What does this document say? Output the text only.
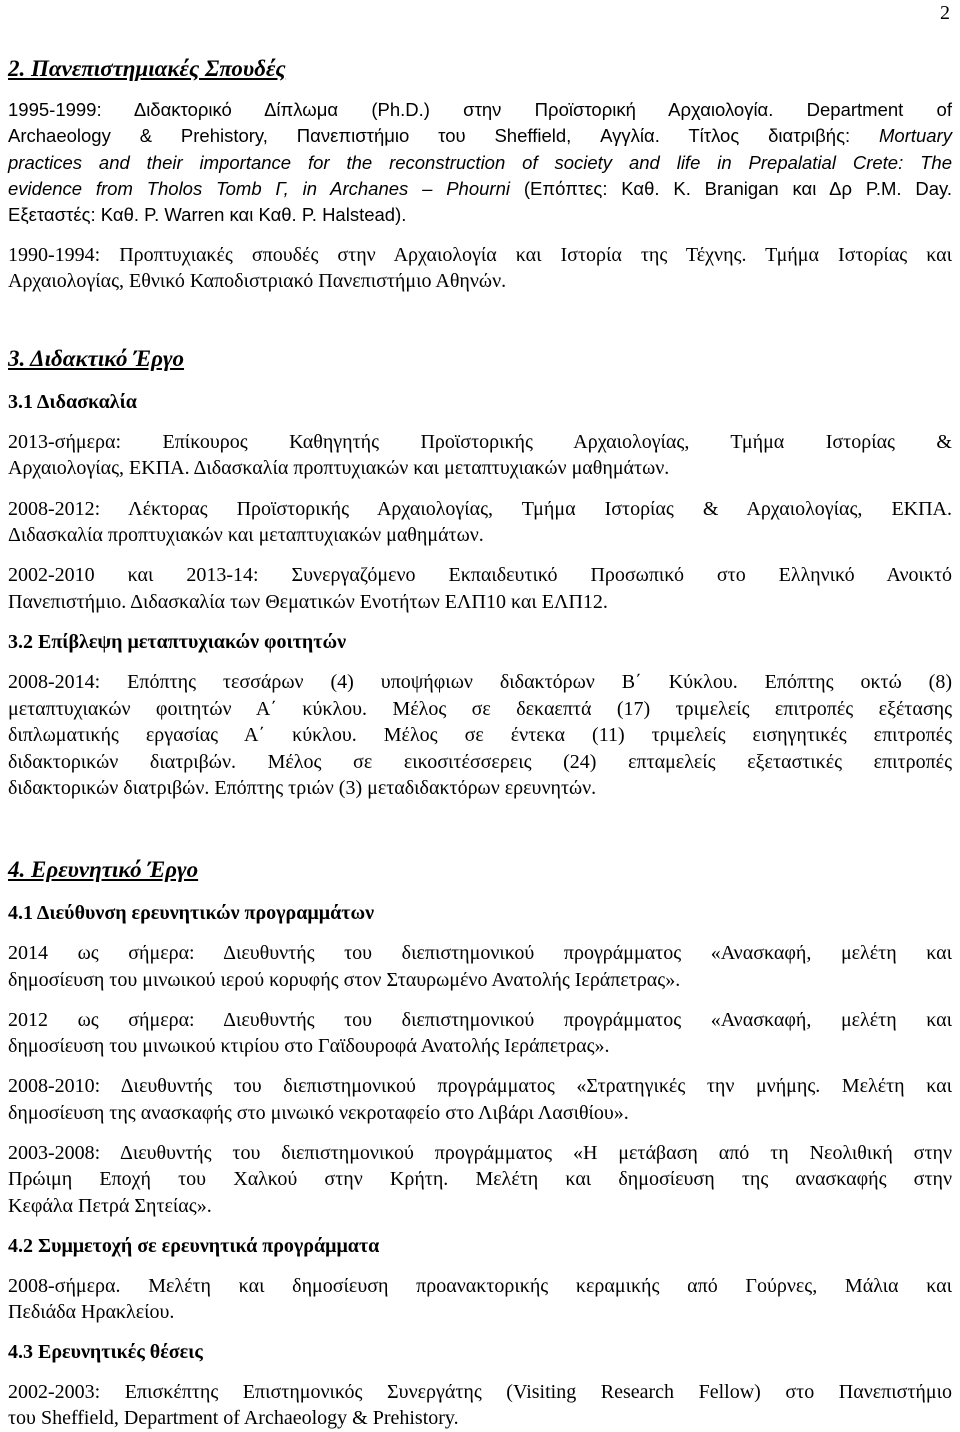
2
2. Πανεπιστημιακές Σπουδές
1995-1999: Διδακτορικό Δίπλωμα (Ph.D.) στην Προϊστορική Αρχαιολογία. Department of
Archaeology & Prehistory, Πανεπιστήμιο του Sheffield, Αγγλία. Τίτλος διατριβής: Mortuary
practices and their importance for the reconstruction of society and life in Prepalatial Crete: The
evidence from Tholos Tomb Γ, in Archanes – Phourni (Επόπτες: Καθ. Κ. Branigan και Δρ P.M. Day.
Εξεταστές: Καθ. P. Warren και Καθ. P. Halstead).
1990-1994: Προπτυχιακές σπουδές στην Αρχαιολογία και Ιστορία της Τέχνης. Τμήμα Ιστορίας και
Αρχαιολογίας, Εθνικό Καποδιστριακό Πανεπιστήμιο Αθηνών.
3. Διδακτικό Έργο
3.1 Διδασκαλία
2013-σήμερα: Επίκουρος Καθηγητής Προϊστορικής Αρχαιολογίας, Τμήμα Ιστορίας &
Αρχαιολογίας, ΕΚΠΑ. Διδασκαλία προπτυχιακών και μεταπτυχιακών μαθημάτων.
2008-2012: Λέκτορας Προϊστορικής Αρχαιολογίας, Τμήμα Ιστορίας & Αρχαιολογίας, ΕΚΠΑ.
Διδασκαλία προπτυχιακών και μεταπτυχιακών μαθημάτων.
2002-2010 και 2013-14: Συνεργαζόμενο Εκπαιδευτικό Προσωπικό στο Ελληνικό Ανοικτό
Πανεπιστήμιο. Διδασκαλία των Θεματικών Ενοτήτων ΕΛΠ10 και ΕΛΠ12.
3.2 Επίβλεψη μεταπτυχιακών φοιτητών
2008-2014: Επόπτης τεσσάρων (4) υποψήφιων διδακτόρων Β΄ Κύκλου. Επόπτης οκτώ (8)
μεταπτυχιακών φοιτητών Α΄ κύκλου. Μέλος σε δεκαεπτά (17) τριμελείς επιτροπές εξέτασης
διπλωματικής εργασίας Α΄ κύκλου. Μέλος σε έντεκα (11) τριμελείς εισηγητικές επιτροπές
διδακτορικών διατριβών. Μέλος σε εικοσιτέσσερεις (24) επταμελείς εξεταστικές επιτροπές
διδακτορικών διατριβών. Επόπτης τριών (3) μεταδιδακτόρων ερευνητών.
4. Ερευνητικό Έργο
4.1 Διεύθυνση ερευνητικών προγραμμάτων
2014 ως σήμερα: Διευθυντής του διεπιστημονικού προγράμματος «Ανασκαφή, μελέτη και
δημοσίευση του μινωικού ιερού κορυφής στον Σταυρωμένο Ανατολής Ιεράπετρας».
2012 ως σήμερα: Διευθυντής του διεπιστημονικού προγράμματος «Ανασκαφή, μελέτη και
δημοσίευση του μινωικού κτιρίου στο Γαϊδουροφά Ανατολής Ιεράπετρας».
2008-2010: Διευθυντής του διεπιστημονικού προγράμματος «Στρατηγικές την μνήμης. Μελέτη και
δημοσίευση της ανασκαφής στο μινωικό νεκροταφείο στο Λιβάρι Λασιθίου».
2003-2008: Διευθυντής του διεπιστημονικού προγράμματος «Η μετάβαση από τη Νεολιθική στην
Πρώιμη Εποχή του Χαλκού στην Κρήτη. Μελέτη και δημοσίευση της ανασκαφής στην
Κεφάλα Πετρά Σητείας».
4.2 Συμμετοχή σε ερευνητικά προγράμματα
2008-σήμερα. Μελέτη και δημοσίευση προανακτορικής κεραμικής από Γούρνες, Μάλια και
Πεδιάδα Ηρακλείου.
4.3 Ερευνητικές θέσεις
2002-2003: Επισκέπτης Επιστημονικός Συνεργάτης (Visiting Research Fellow) στο Πανεπιστήμιο
του Sheffield, Department of Archaeology & Prehistory.
